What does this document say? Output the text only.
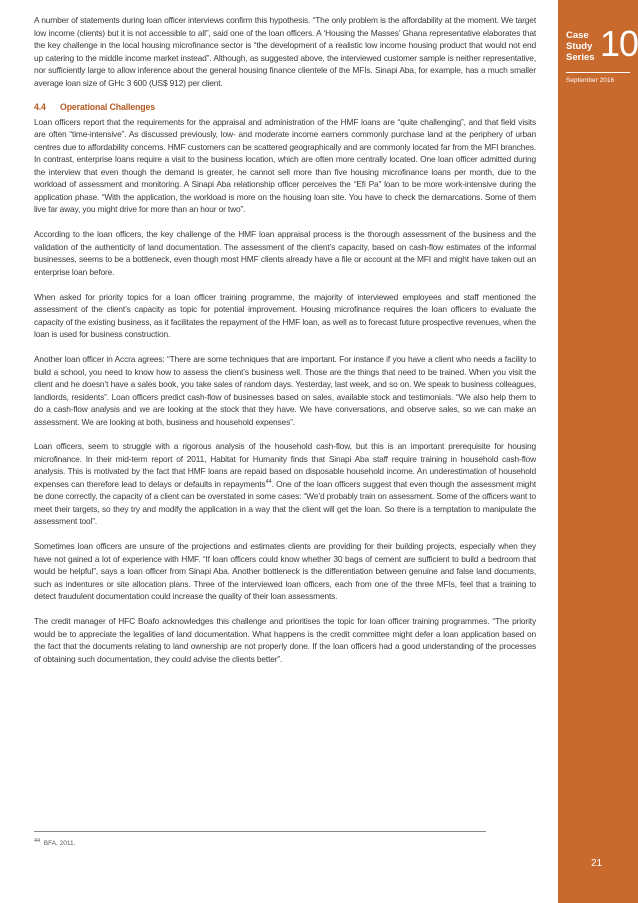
Case Study Series 10
September 2016
21

A number of statements during loan officer interviews confirm this hypothesis. “The only problem is the affordability at the moment. We target low income (clients) but it is not accessible to all”, said one of the loan officers. A ‘Housing the Masses’ Ghana representative elaborates that the key challenge in the local housing microfinance sector is “the development of a realistic low income housing product that would not end up catering to the middle income market instead”. Although, as suggested above, the interviewed customer sample is neither representative, nor sufficiently large to allow inference about the general housing finance clientele of the MFIs. Sinapi Aba, for example, has a much smaller average loan size of GHc 3 600 (US$ 912) per client.

4.4 Operational Challenges

Loan officers report that the requirements for the appraisal and administration of the HMF loans are “quite challenging”, and that field visits are often “time-intensive”. As discussed previously, low- and moderate income earners commonly purchase land at the periphery of urban centres due to affordability concerns. HMF customers can be scattered geographically and are commonly located far from the MFI branches. In contrast, enterprise loans require a visit to the business location, which are often more centrally located. One loan officer admitted during the interview that even though the demand is greater, he cannot sell more than five housing microfinance loans per month, due to the workload of assessment and monitoring. A Sinapi Aba relationship officer perceives the “Efi Pa” loan to be more work-intensive during the application phase. “With the application, the workload is more on the housing loan site. You have to check the demarcations. Some of them live far away, you might drive for more than an hour or two”.

According to the loan officers, the key challenge of the HMF loan appraisal process is the thorough assessment of the business and the validation of the authenticity of land documentation. The assessment of the client’s capacity, based on cash-flow estimates of the informal businesses, seems to be a bottleneck, even though most HMF clients already have a file or account at the MFI and might have taken out an enterprise loan before.

When asked for priority topics for a loan officer training programme, the majority of interviewed employees and staff mentioned the assessment of the client’s capacity as topic for potential improvement. Housing microfinance requires the loan officers to evaluate the capacity of the existing business, as it facilitates the repayment of the HMF loan, as well as to forecast future prospective revenues, when the loan is used for business construction.

Another loan officer in Accra agrees: “There are some techniques that are important. For instance if you have a client who needs a facility to build a school, you need to know how to assess the client’s business well. Those are the things that need to be trained. When you visit the client and he doesn’t have a sales book, you take sales of random days. Yesterday, last week, and so on. We speak to business colleagues, landlords, residents”. Loan officers predict cash-flow of businesses based on sales, available stock and testimonials. “We also help them to do a cash-flow analysis and we are looking at the stock that they have. We have conversations, and observe sales, so we can make an assessment. We are looking at both, business and household expenses”.

Loan officers, seem to struggle with a rigorous analysis of the household cash-flow, but this is an important prerequisite for housing microfinance. In their mid-term report of 2011, Habitat for Humanity finds that Sinapi Aba staff require training in household cash-flow analysis. This is motivated by the fact that HMF loans are repaid based on disposable household income. An underestimation of household expenses can therefore lead to delays or defaults in repayments$^{44}$. One of the loan officers suggest that even though the assessment might be done correctly, the capacity of a client can be overstated in some cases: “We’d probably train on assessment. Some of the officers want to meet their targets, so they try and modify the application in a way that the client will get the loan. So there is a temptation to manipulate the assessment tool”.

Sometimes loan officers are unsure of the projections and estimates clients are providing for their building projects, especially when they have not gained a lot of experience with HMF. “If loan officers could know whether 30 bags of cement are sufficient to build a bedroom that would be helpful”, says a loan officer from Sinapi Aba. Another bottleneck is the differentiation between genuine and false land documents, such as indentures or site allocation plans. Three of the interviewed loan officers, each from one of the three MFIs, feel that a training to detect fraudulent documentation could increase the quality of their loan assessments.

The credit manager of HFC Boafo acknowledges this challenge and prioritises the topic for loan officer training programmes. “The priority would be to appreciate the legalities of land documentation. What happens is the credit committee might defer a loan application based on the fact that the documents relating to land ownership are not properly done. If the loan officers had a good understanding of the processes of obtaining such documentation, they could advise the clients better”.

$^{44}$ BFA, 2011.
